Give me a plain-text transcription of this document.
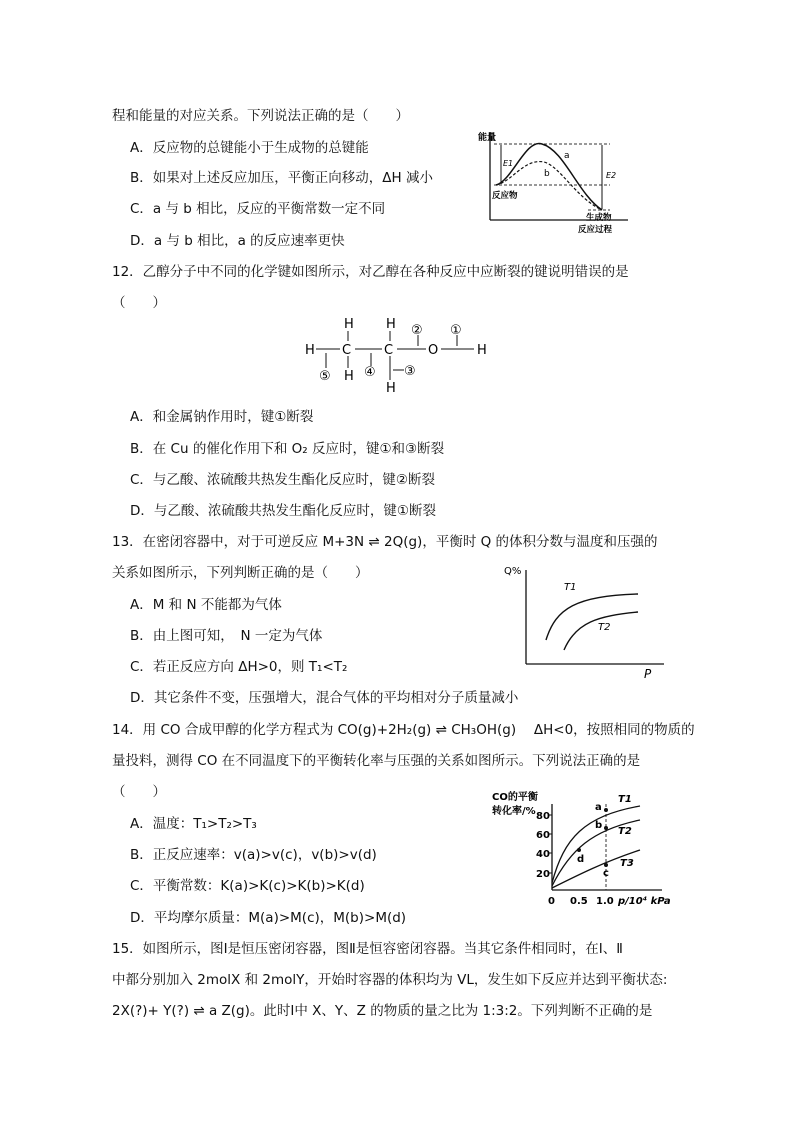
程和能量的对应关系。下列说法正确的是（　　）
A．反应物的总键能小于生成物的总键能
B．如果对上述反应加压，平衡正向移动，ΔH 减小
C．a 与 b 相比，反应的平衡常数一定不同
D．a 与 b 相比，a 的反应速率更快
能量
E1
E2
a
b
反应物
生成物
反应过程
12．乙醇分子中不同的化学键如图所示，对乙醇在各种反应中应断裂的键说明错误的是
（　　）
H C	C	O	H
H H
H
H
⑤	④ ③
② ①
A．和金属钠作用时，键①断裂
B．在 Cu 的催化作用下和 O₂ 反应时，键①和③断裂
C．与乙酸、浓硫酸共热发生酯化反应时，键②断裂
D．与乙酸、浓硫酸共热发生酯化反应时，键①断裂
13．在密闭容器中，对于可逆反应 M+3N ⇌ 2Q(g)，平衡时 Q 的体积分数与温度和压强的
关系如图所示，下列判断正确的是（　　）
A．M 和 N 不能都为气体
B．由上图可知，　N 一定为气体
C．若正反应方向 ΔH>0，则 T₁<T₂
D．其它条件不变，压强增大，混合气体的平均相对分子质量减小
Q%
T1
T2
P
14．用 CO 合成甲醇的化学方程式为 CO(g)+2H₂(g) ⇌ CH₃OH(g)　 ΔH<0，按照相同的物质的
量投料，测得 CO 在不同温度下的平衡转化率与压强的关系如图所示。下列说法正确的是
（　　）
A．温度：T₁>T₂>T₃
B．正反应速率：v(a)>v(c)，v(b)>v(d)
C．平衡常数：K(a)>K(c)>K(b)>K(d)
D．平均摩尔质量：M(a)>M(c)，M(b)>M(d)
CO的平衡
转化率/%
20
40
60
80
0 0.5 1.0 p/10⁴ kPa
a
b
c
d
T1
T2
T3
15．如图所示，图Ⅰ是恒压密闭容器，图Ⅱ是恒容密闭容器。当其它条件相同时，在Ⅰ、Ⅱ
中都分别加入 2molX 和 2molY，开始时容器的体积均为 VL，发生如下反应并达到平衡状态:
2X(?)+ Y(?) ⇌ a Z(g)。此时Ⅰ中 X、Y、Z 的物质的量之比为 1:3:2。下列判断不正确的是
